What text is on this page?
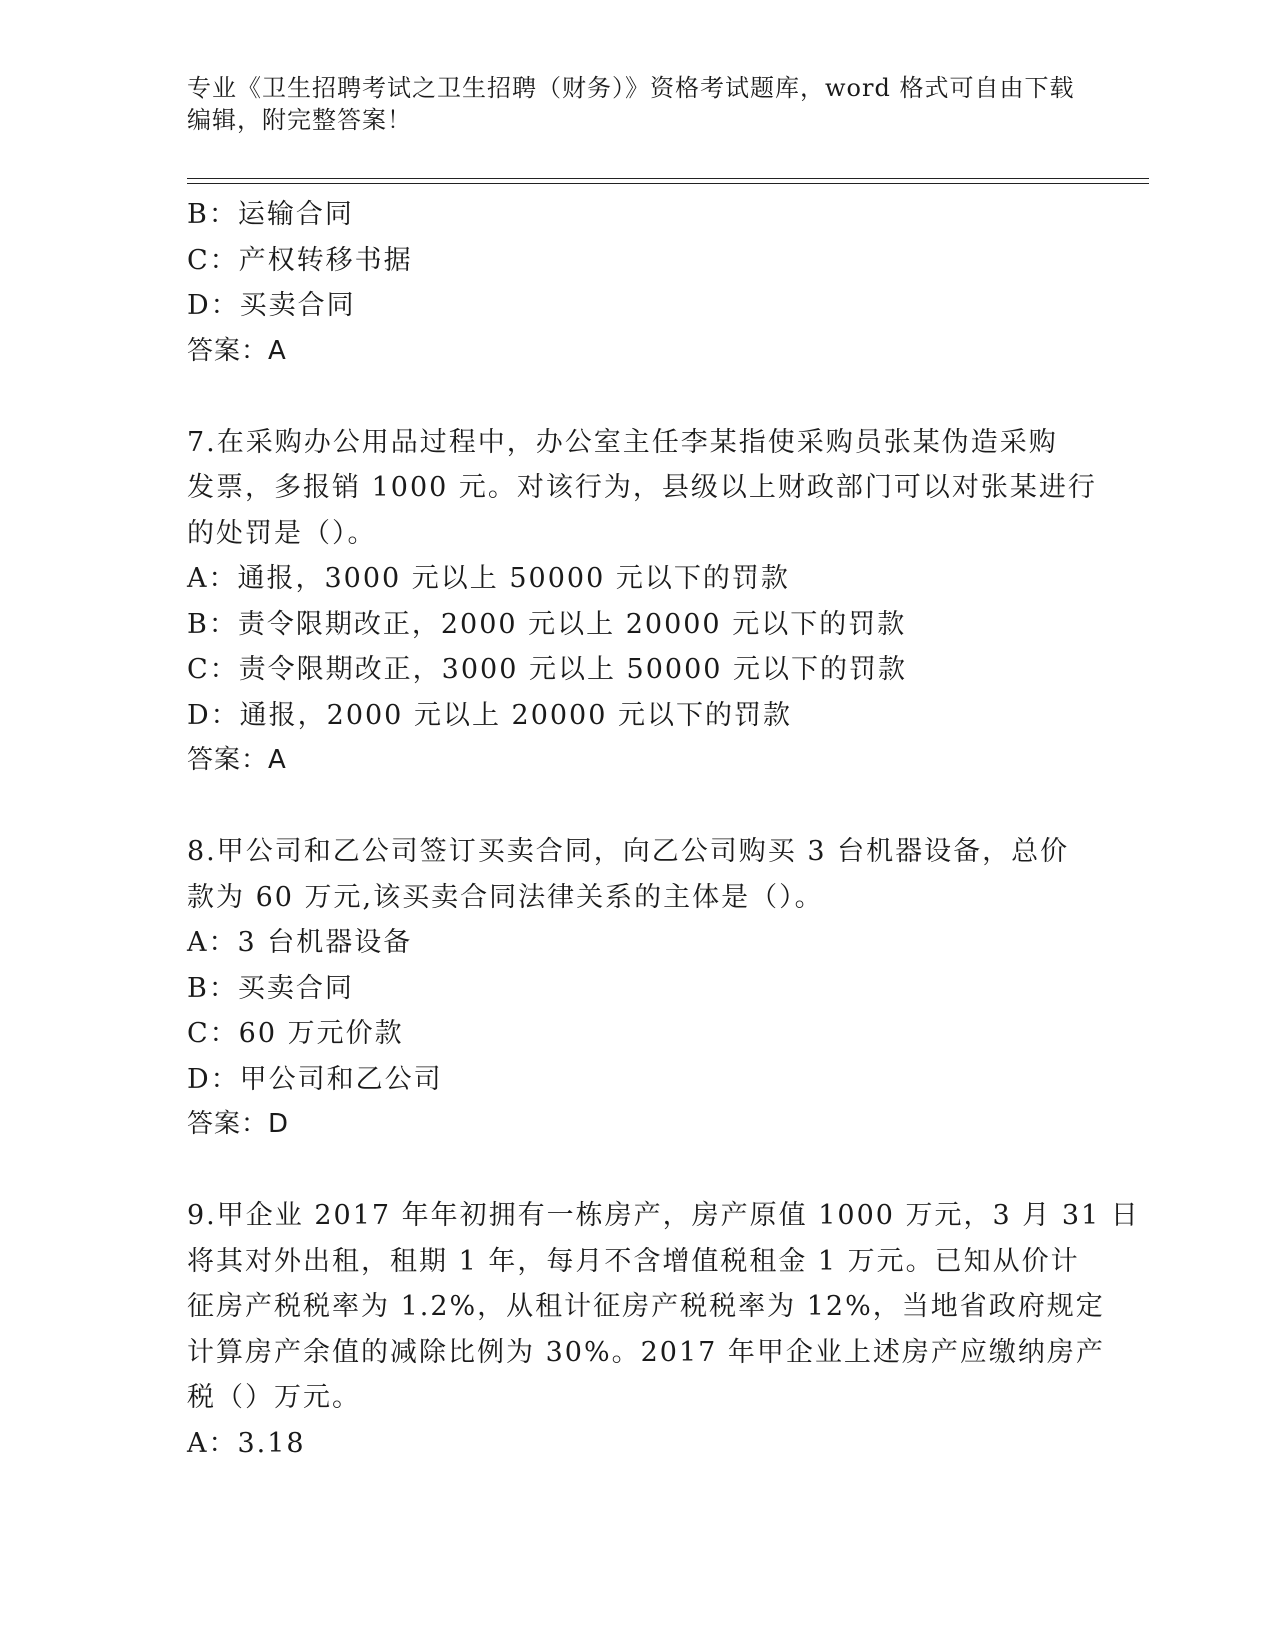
专业《卫生招聘考试之卫生招聘（财务）》资格考试题库，word 格式可自由下载
编辑，附完整答案！
B：运输合同
C：产权转移书据
D：买卖合同
答案：A
7.在采购办公用品过程中，办公室主任李某指使采购员张某伪造采购
发票，多报销 1000 元。对该行为，县级以上财政部门可以对张某进行
的处罚是（）。
A：通报，3000 元以上 50000 元以下的罚款
B：责令限期改正，2000 元以上 20000 元以下的罚款
C：责令限期改正，3000 元以上 50000 元以下的罚款
D：通报，2000 元以上 20000 元以下的罚款
答案：A
8.甲公司和乙公司签订买卖合同，向乙公司购买 3 台机器设备，总价
款为 60 万元,该买卖合同法律关系的主体是（）。
A：3 台机器设备
B：买卖合同
C：60 万元价款
D：甲公司和乙公司
答案：D
9.甲企业 2017 年年初拥有一栋房产，房产原值 1000 万元，3 月 31 日
将其对外出租，租期 1 年，每月不含增值税租金 1 万元。已知从价计
征房产税税率为 1.2%，从租计征房产税税率为 12%，当地省政府规定
计算房产余值的减除比例为 30%。2017 年甲企业上述房产应缴纳房产
税（）万元。
A：3.18
